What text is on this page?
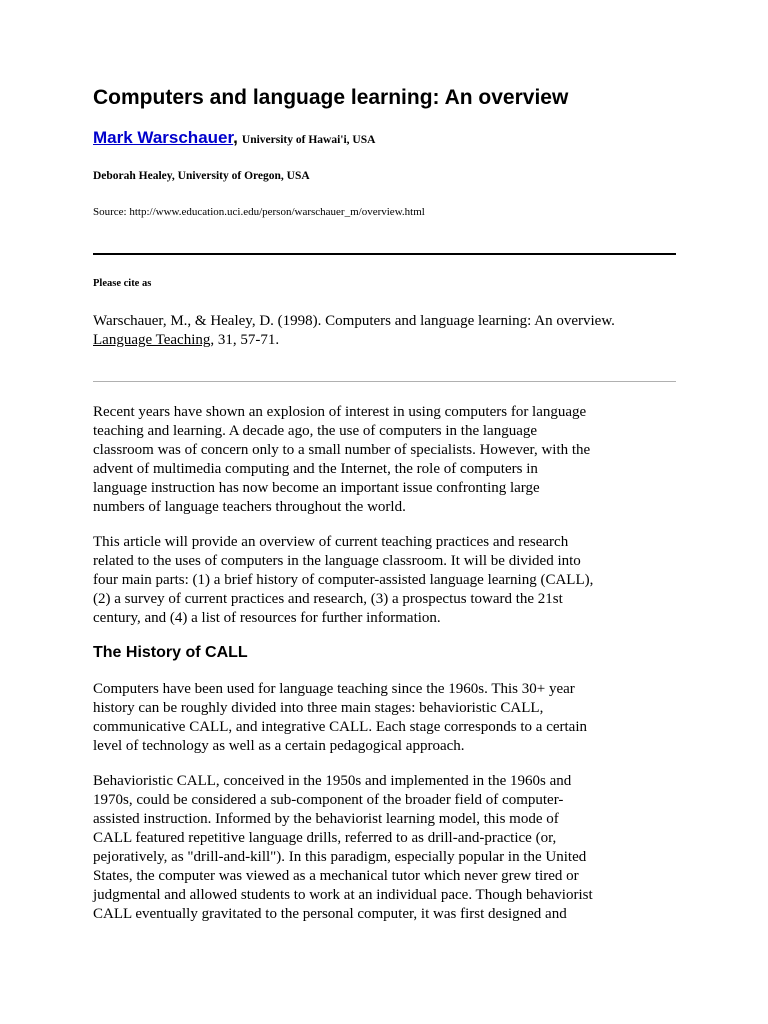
Computers and language learning: An overview
Mark Warschauer, University of Hawai'i, USA
Deborah Healey, University of Oregon, USA
Source: http://www.education.uci.edu/person/warschauer_m/overview.html
Please cite as
Warschauer, M., & Healey, D. (1998). Computers and language learning: An overview. Language Teaching, 31, 57-71.

Recent years have shown an explosion of interest in using computers for language
teaching and learning. A decade ago, the use of computers in the language
classroom was of concern only to a small number of specialists. However, with the
advent of multimedia computing and the Internet, the role of computers in
language instruction has now become an important issue confronting large
numbers of language teachers throughout the world.

This article will provide an overview of current teaching practices and research
related to the uses of computers in the language classroom. It will be divided into
four main parts: (1) a brief history of computer-assisted language learning (CALL),
(2) a survey of current practices and research, (3) a prospectus toward the 21st
century, and (4) a list of resources for further information.

The History of CALL

Computers have been used for language teaching since the 1960s. This 30+ year
history can be roughly divided into three main stages: behavioristic CALL,
communicative CALL, and integrative CALL. Each stage corresponds to a certain
level of technology as well as a certain pedagogical approach.

Behavioristic CALL, conceived in the 1950s and implemented in the 1960s and
1970s, could be considered a sub-component of the broader field of computer-
assisted instruction. Informed by the behaviorist learning model, this mode of
CALL featured repetitive language drills, referred to as drill-and-practice (or,
pejoratively, as "drill-and-kill"). In this paradigm, especially popular in the United
States, the computer was viewed as a mechanical tutor which never grew tired or
judgmental and allowed students to work at an individual pace. Though behaviorist
CALL eventually gravitated to the personal computer, it was first designed and
